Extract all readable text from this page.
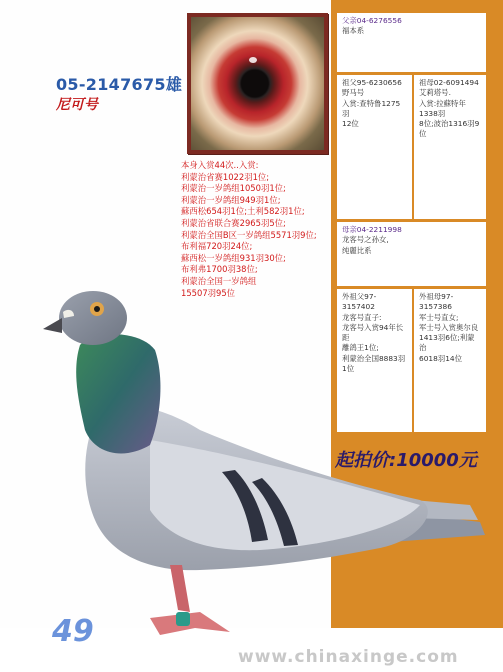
05-2147675雄
尼可号
本身入赏44次..入赏:
利蒙治省赛1022羽1位;
利蒙治一岁鸽组1050羽1位;
利蒙治一岁鸽组949羽1位;
蘇西松654羽1位;土利582羽1位;
利蒙治省联合赛2965羽5位;
利蒙治全国B区一岁鸽组5571羽9位;
布利福720羽24位;
蘇西松一岁鸽组931羽30位;
布利弗1700羽38位;
利蒙治全国一岁鸽组
15507羽95位
父亲04-6276556
福本系
祖父95-6230656
野马号
入赏:查特鲁1275羽
12位
祖母02-6091494
艾莉塔号.
入赏:拉蘇特年1338羽
8位;波治1316羽9位
母亲04-2211998
龙客号之孙女,
纯麗比系
外祖父97-3157402
龙客号直子:
龙客号入赏94年长距
離鸽王1位;
利蒙治全国8883羽
1位
外祖母97-3157386
军士号直女;
军士号入赏奥尔良
1413羽6位;利蒙治
6018羽14位
起拍价:10000元
49
www.chinaxinge.com
